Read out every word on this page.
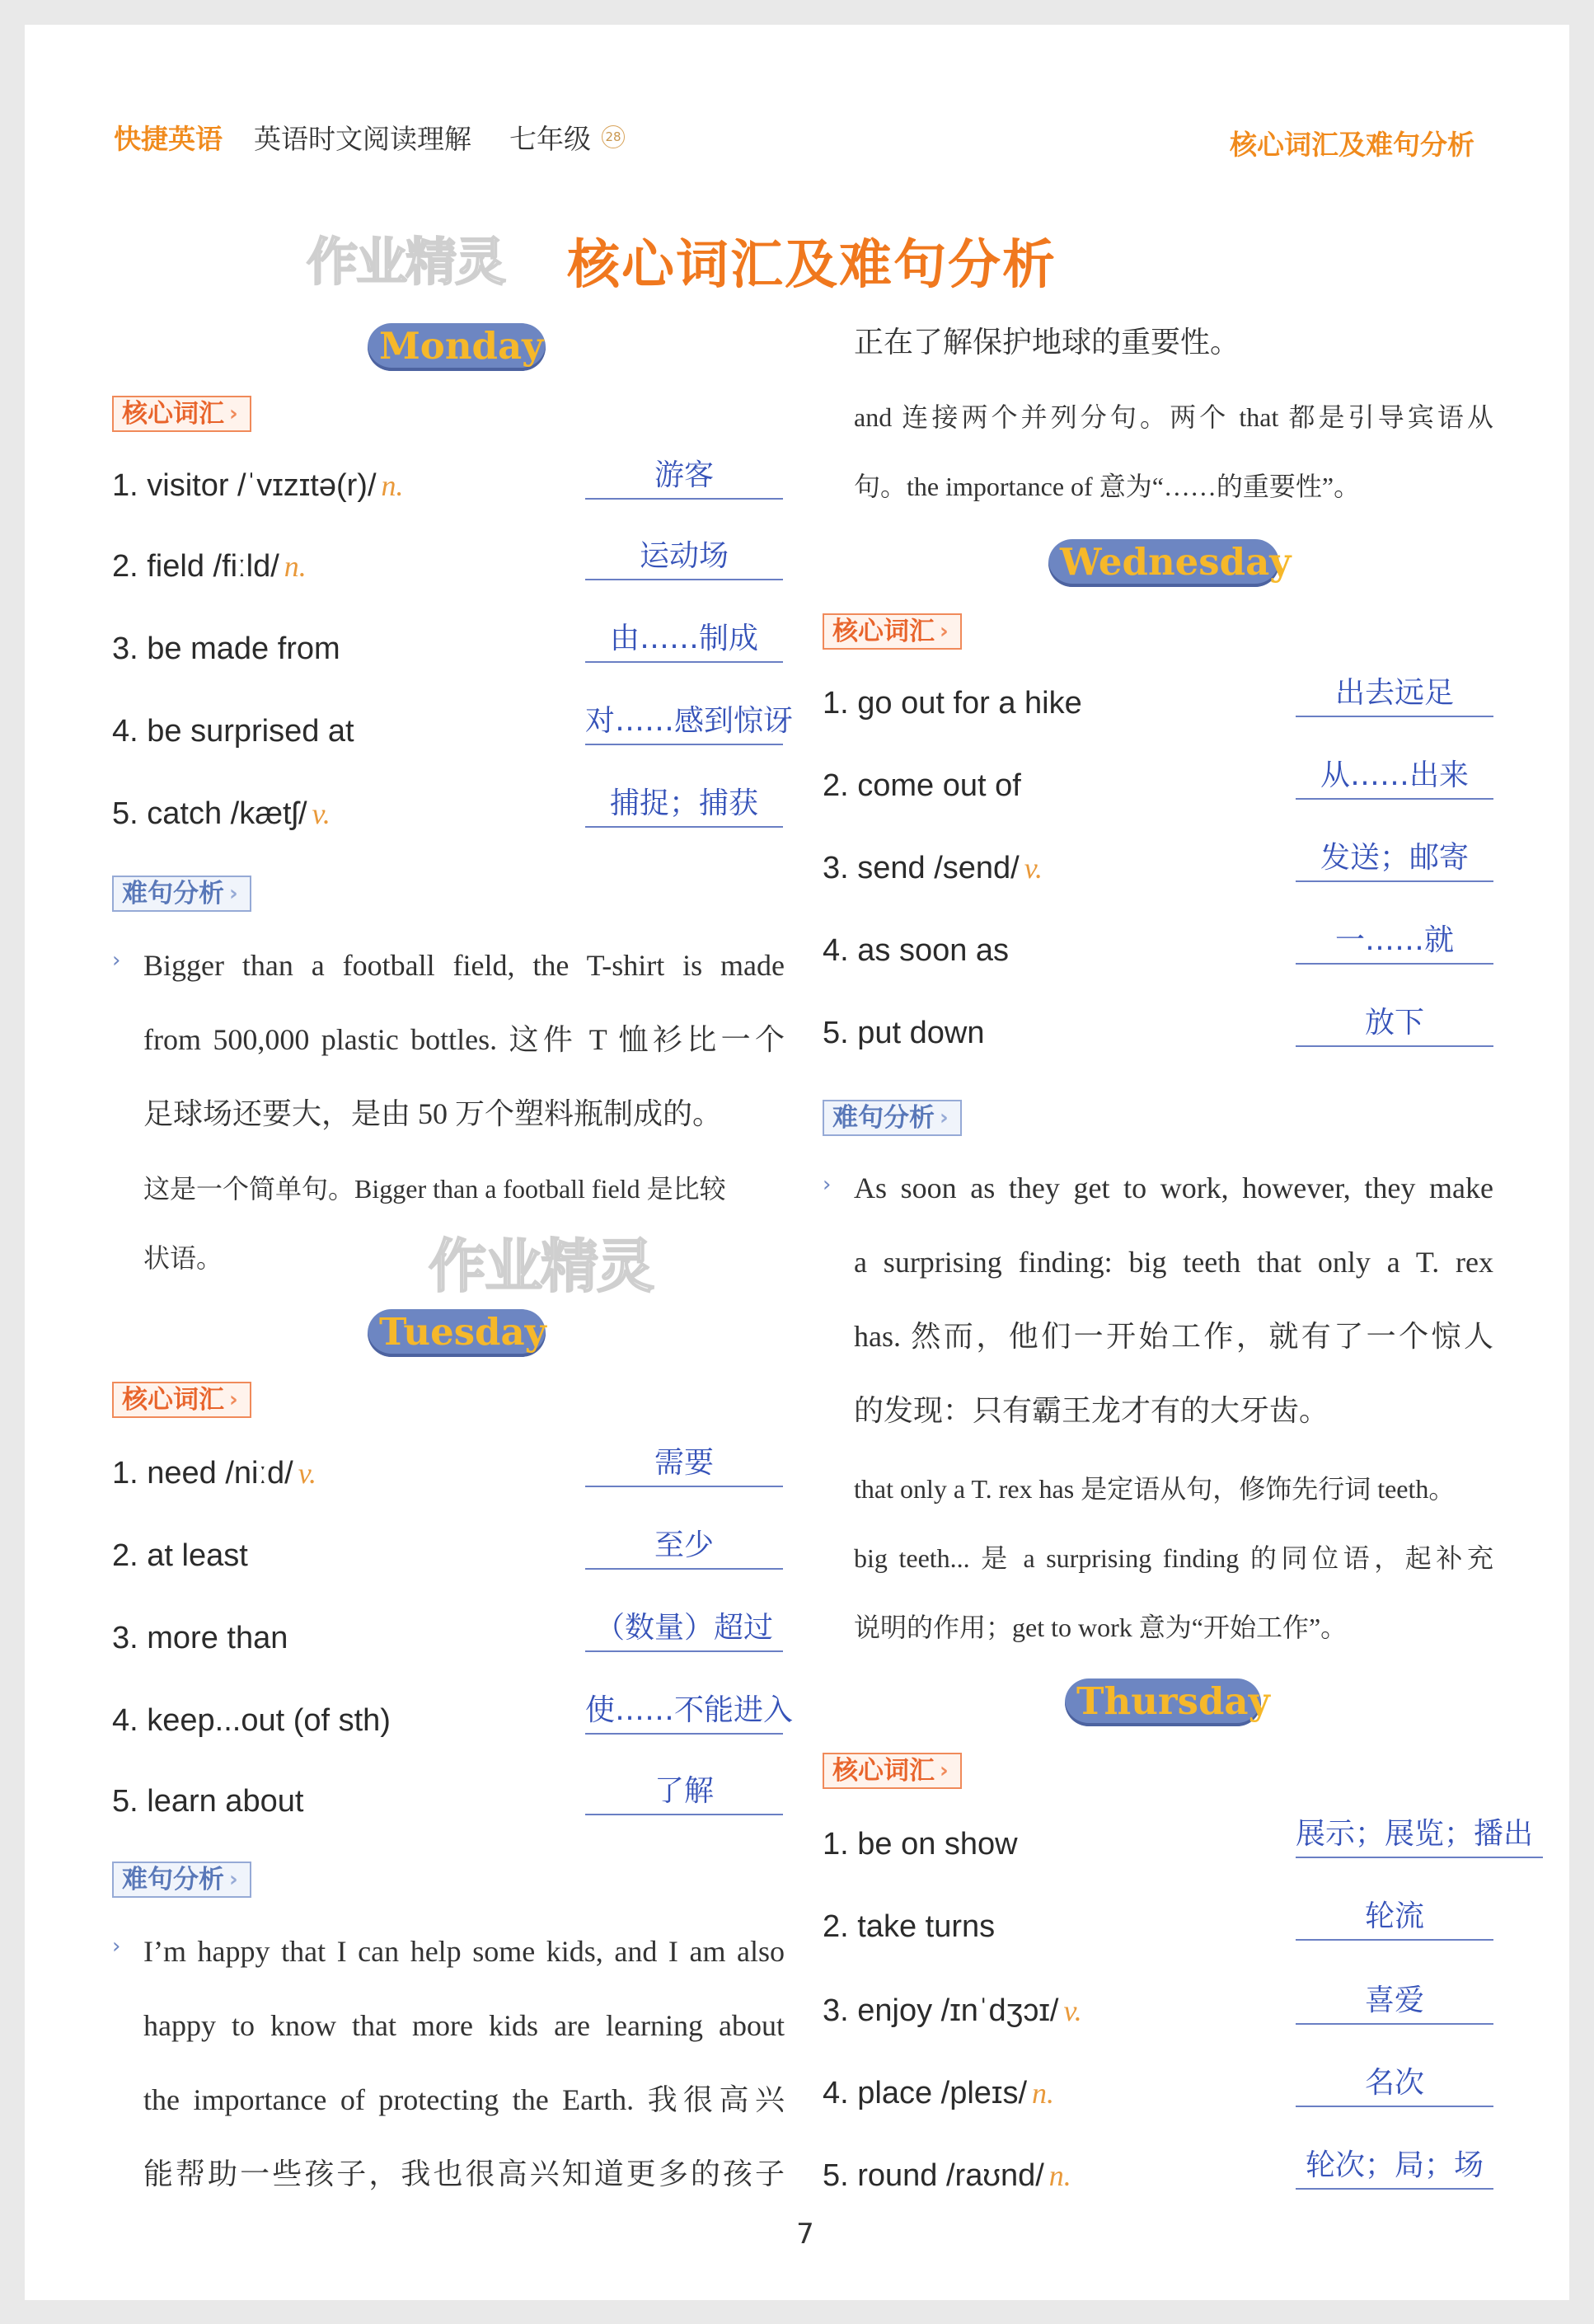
快捷英语 英语时文阅读理解 七年级 28	核心词汇及难句分析
作业精灵 核心词汇及难句分析
Monday
核心词汇 ›
1. visitor /ˈvɪzɪtə(r)/ n.	游客
2. field /fiːld/ n.	运动场
3. be made from	由……制成
4. be surprised at	对……感到惊讶
5. catch /kætʃ/ v.	捕捉；捕获
难句分析 ›
› Bigger than a football field, the T-shirt is made
from 500,000 plastic bottles. 这件 T 恤衫比一个
足球场还要大，是由 50 万个塑料瓶制成的。
这是一个简单句。Bigger than a football field 是比较
状语。	作业精灵
Tuesday
核心词汇 ›
1. need /niːd/ v.	需要
2. at least	至少
3. more than	（数量）超过
4. keep...out (of sth)	使……不能进入
5. learn about	了解
难句分析 ›
› I’m happy that I can help some kids, and I am also
happy to know that more kids are learning about
the importance of protecting the Earth. 我很高兴
能帮助一些孩子，我也很高兴知道更多的孩子
正在了解保护地球的重要性。
and 连接两个并列分句。两个 that 都是引导宾语从
句。the importance of 意为“……的重要性”。
Wednesday
核心词汇 ›
1. go out for a hike	出去远足
2. come out of	从……出来
3. send /send/ v.	发送；邮寄
4. as soon as	一……就
5. put down	放下
难句分析 ›
› As soon as they get to work, however, they make
a surprising finding: big teeth that only a T. rex
has. 然而，他们一开始工作，就有了一个惊人
的发现：只有霸王龙才有的大牙齿。
that only a T. rex has 是定语从句，修饰先行词 teeth。
big teeth... 是 a surprising finding 的同位语，起补充
说明的作用；get to work 意为“开始工作”。
Thursday
核心词汇 ›
1. be on show	展示；展览；播出
2. take turns	轮流
3. enjoy /ɪnˈdʒɔɪ/ v.	喜爱
4. place /pleɪs/ n.	名次
5. round /raʊnd/ n.	轮次；局；场
7
